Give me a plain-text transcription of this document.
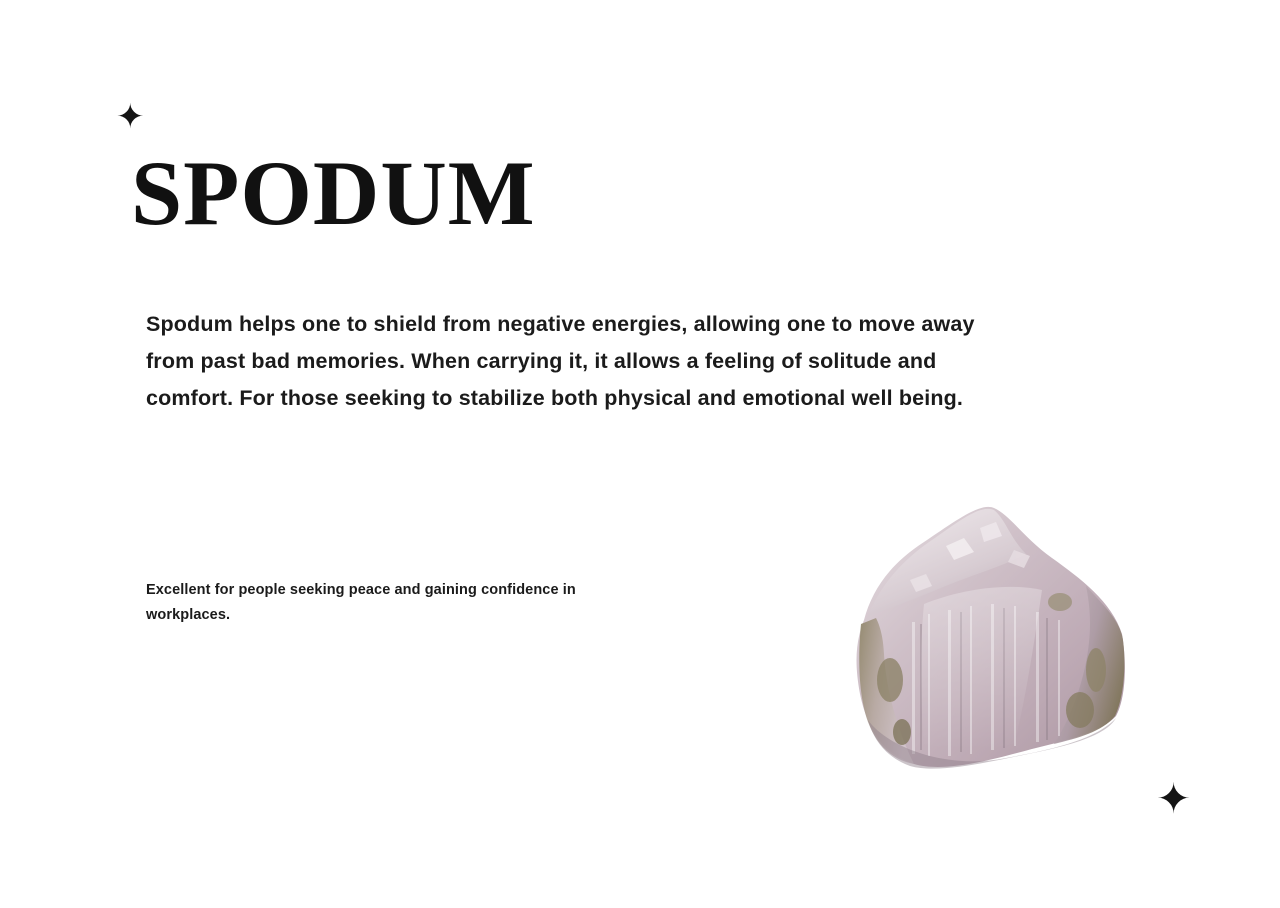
✦
SPODUM

Spodum helps one to shield from negative energies, allowing one to move away from past bad memories. When carrying it, it allows a feeling of solitude and comfort. For those seeking to stabilize both physical and emotional well being.

Excellent for people seeking peace and gaining confidence in workplaces.

✦
